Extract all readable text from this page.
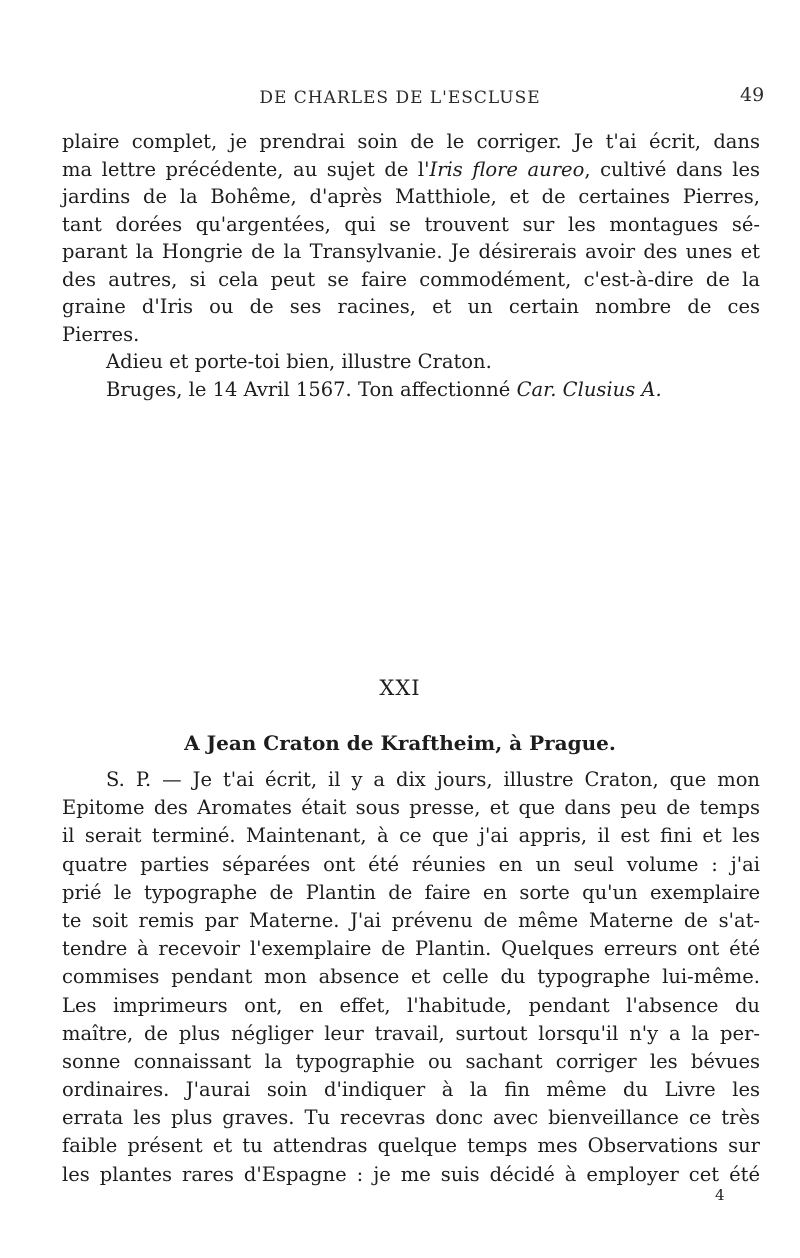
DE CHARLES DE L'ESCLUSE	49
plaire complet, je prendrai soin de le corriger. Je t'ai écrit, dans
ma lettre précédente, au sujet de l'Iris flore aureo, cultivé dans les
jardins de la Bohême, d'après Matthiole, et de certaines Pierres,
tant dorées qu'argentées, qui se trouvent sur les montagues sé-
parant la Hongrie de la Transylvanie. Je désirerais avoir des unes et
des autres, si cela peut se faire commodément, c'est-à-dire de la
graine d'Iris ou de ses racines, et un certain nombre de ces
Pierres.
Adieu et porte-toi bien, illustre Craton.
Bruges, le 14 Avril 1567. Ton affectionné Car. Clusius A.
XXI
A Jean Craton de Kraftheim, à Prague.
S. P. — Je t'ai écrit, il y a dix jours, illustre Craton, que mon
Epitome des Aromates était sous presse, et que dans peu de temps
il serait terminé. Maintenant, à ce que j'ai appris, il est fini et les
quatre parties séparées ont été réunies en un seul volume : j'ai
prié le typographe de Plantin de faire en sorte qu'un exemplaire
te soit remis par Materne. J'ai prévenu de même Materne de s'at-
tendre à recevoir l'exemplaire de Plantin. Quelques erreurs ont été
commises pendant mon absence et celle du typographe lui-même.
Les imprimeurs ont, en effet, l'habitude, pendant l'absence du
maître, de plus négliger leur travail, surtout lorsqu'il n'y a la per-
sonne connaissant la typographie ou sachant corriger les bévues
ordinaires. J'aurai soin d'indiquer à la fin même du Livre les
errata les plus graves. Tu recevras donc avec bienveillance ce très
faible présent et tu attendras quelque temps mes Observations sur
les plantes rares d'Espagne : je me suis décidé à employer cet été
4
